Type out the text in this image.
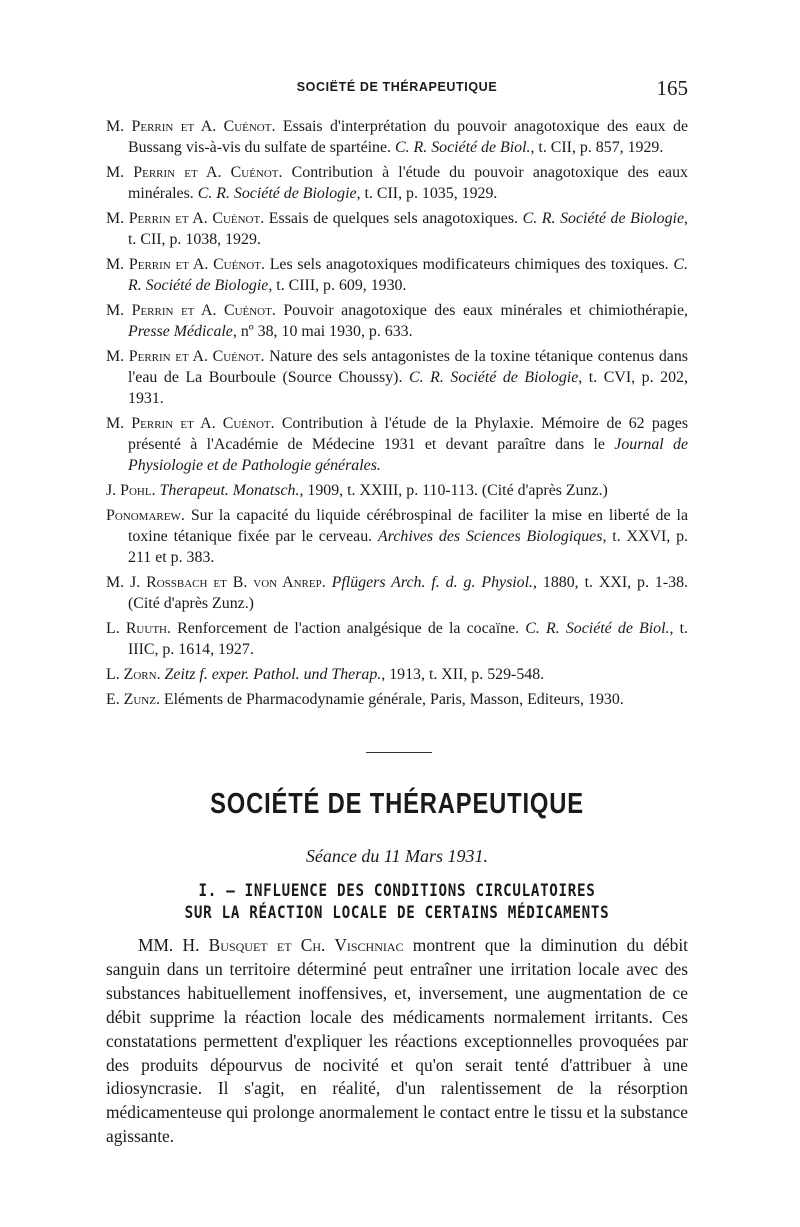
SOCIËTÉ DE THÉRAPEUTIQUE	165
M. Perrin et A. Cuénot. Essais d'interprétation du pouvoir anagotoxique des eaux de Bussang vis-à-vis du sulfate de spartéine. C. R. Société de Biol., t. CII, p. 857, 1929.
M. Perrin et A. Cuénot. Contribution à l'étude du pouvoir anagotoxique des eaux minérales. C. R. Société de Biologie, t. CII, p. 1035, 1929.
M. Perrin et A. Cuénot. Essais de quelques sels anagotoxiques. C. R. Société de Biologie, t. CII, p. 1038, 1929.
M. Perrin et A. Cuénot. Les sels anagotoxiques modificateurs chimiques des toxiques. C. R. Société de Biologie, t. CIII, p. 609, 1930.
M. Perrin et A. Cuénot. Pouvoir anagotoxique des eaux minérales et chimiothérapie, Presse Médicale, nº 38, 10 mai 1930, p. 633.
M. Perrin et A. Cuénot. Nature des sels antagonistes de la toxine tétanique contenus dans l'eau de La Bourboule (Source Choussy). C. R. Société de Biologie, t. CVI, p. 202, 1931.
M. Perrin et A. Cuénot. Contribution à l'étude de la Phylaxie. Mémoire de 62 pages présenté à l'Académie de Médecine 1931 et devant paraître dans le Journal de Physiologie et de Pathologie générales.
J. Pohl. Therapeut. Monatsch., 1909, t. XXIII, p. 110-113. (Cité d'après Zunz.)
Ponomarew. Sur la capacité du liquide cérébrospinal de faciliter la mise en liberté de la toxine tétanique fixée par le cerveau. Archives des Sciences Biologiques, t. XXVI, p. 211 et p. 383.
M. J. Rossbach et B. von Anrep. Pflügers Arch. f. d. g. Physiol., 1880, t. XXI, p. 1-38. (Cité d'après Zunz.)
L. Ruuth. Renforcement de l'action analgésique de la cocaïne. C. R. Société de Biol., t. IIIC, p. 1614, 1927.
L. Zorn. Zeitz f. exper. Pathol. und Therap., 1913, t. XII, p. 529-548.
E. Zunz. Eléments de Pharmacodynamie générale, Paris, Masson, Editeurs, 1930.
SOCIÉTÉ DE THÉRAPEUTIQUE
Séance du 11 Mars 1931.
I. — INFLUENCE DES CONDITIONS CIRCULATOIRES
SUR LA RÉACTION LOCALE DE CERTAINS MÉDICAMENTS
MM. H. Busquet et Ch. Vischniac montrent que la diminution du débit sanguin dans un territoire déterminé peut entraîner une irritation locale avec des substances habituellement inoffensives, et, inversement, une augmentation de ce débit supprime la réaction locale des médicaments normalement irritants. Ces constatations permettent d'expliquer les réactions exceptionnelles provoquées par des produits dépourvus de nocivité et qu'on serait tenté d'attribuer à une idiosyncrasie. Il s'agit, en réalité, d'un ralentissement de la résorption médicamenteuse qui prolonge anormalement le contact entre le tissu et la substance agissante.
